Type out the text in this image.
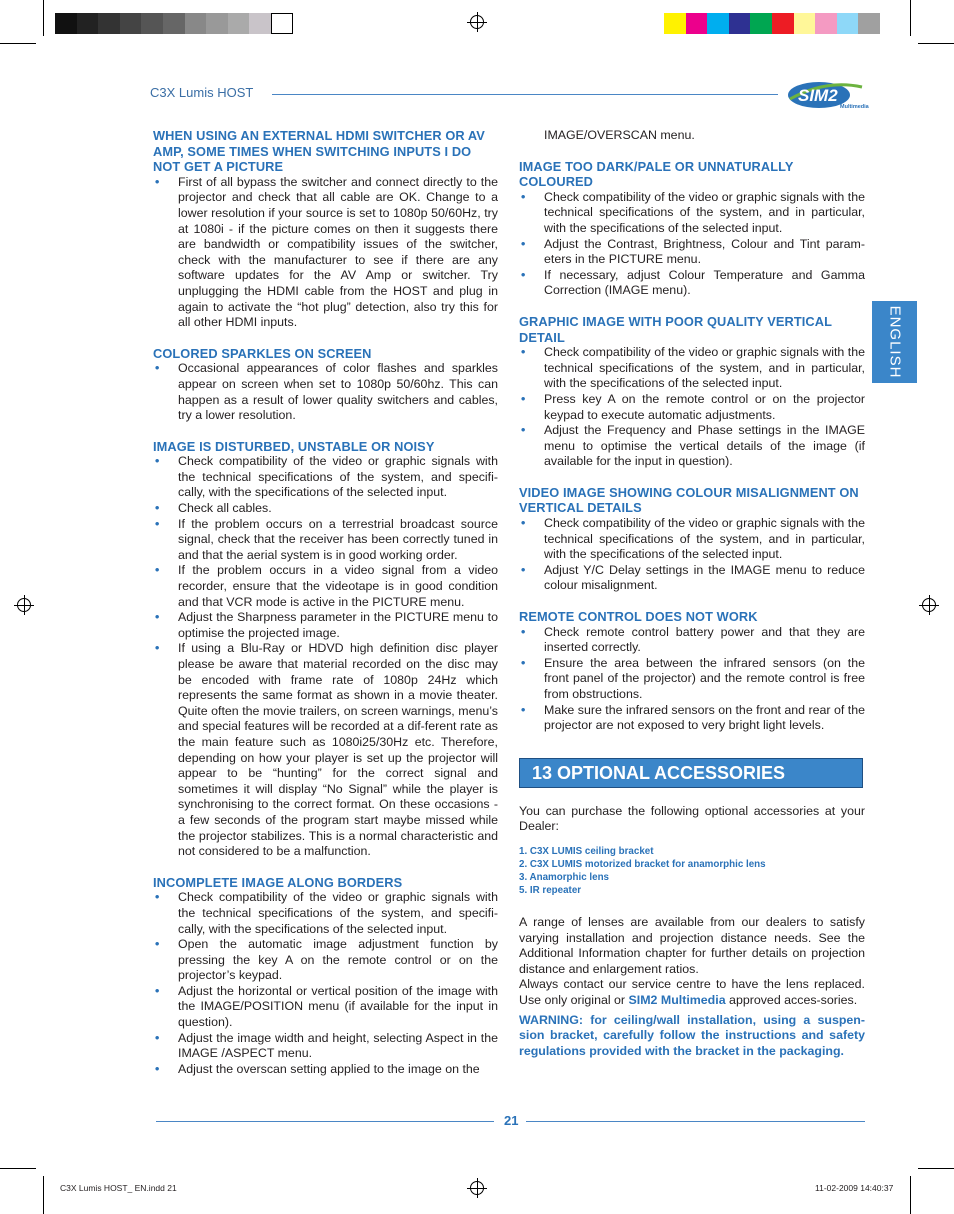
C3X Lumis HOST	SIM2
Multimedia
ENGLISH
WHEN USING AN EXTERNAL HDMI SWITCHER OR AV AMP, SOME TIMES WHEN SWITCHING INPUTS I DO NOT GET A PICTURE
• First of all bypass the switcher and connect directly to the projector and check that all cable are OK. Change to a lower resolution if your source is set to 1080p 50/60Hz, try at 1080i - if the picture comes on then it suggests there are bandwidth or compatibility issues of the switcher, check with the manufacturer to see if there are any software updates for the AV Amp or switcher. Try unplugging the HDMI cable from the HOST and plug in again to activate the “hot plug” detection, also try this for all other HDMI inputs.
COLORED SPARKLES ON SCREEN
• Occasional appearances of color flashes and sparkles appear on screen when set to 1080p 50/60hz. This can happen as a result of lower quality switchers and cables, try a lower resolution.
IMAGE IS DISTURBED, UNSTABLE OR NOISY
• Check compatibility of the video or graphic signals with the technical specifications of the system, and specifi-cally, with the specifications of the selected input.
• Check all cables.
• If the problem occurs on a terrestrial broadcast source signal, check that the receiver has been correctly tuned in and that the aerial system is in good working order.
• If the problem occurs in a video signal from a video recorder, ensure that the videotape is in good condition and that VCR mode is active in the PICTURE menu.
• Adjust the Sharpness parameter in the PICTURE menu to optimise the projected image.
• If using a Blu-Ray or HDVD high definition disc player please be aware that material recorded on the disc may be encoded with frame rate of 1080p 24Hz which represents the same format as shown in a movie theater. Quite often the movie trailers, on screen warnings, menu’s and special features will be recorded at a dif-ferent rate as the main feature such as 1080i25/30Hz etc. Therefore, depending on how your player is set up the projector will appear to be “hunting” for the correct signal and sometimes it will display “No Signal” while the player is synchronising to the correct format. On these occasions - a few seconds of the program start maybe missed while the projector stabilizes. This is a normal characteristic and not considered to be a malfunction.
INCOMPLETE IMAGE ALONG BORDERS
• Check compatibility of the video or graphic signals with the technical specifications of the system, and specifi-cally, with the specifications of the selected input.
• Open the automatic image adjustment function by pressing the key A on the remote control or on the projector’s keypad.
• Adjust the horizontal or vertical position of the image with the IMAGE/POSITION menu (if available for the input in question).
• Adjust the image width and height, selecting Aspect in the IMAGE /ASPECT menu.
• Adjust the overscan setting applied to the image on the
IMAGE/OVERSCAN menu.
IMAGE TOO DARK/PALE OR UNNATURALLY COLOURED
• Check compatibility of the video or graphic signals with the technical specifications of the system, and in particular, with the specifications of the selected input.
• Adjust the Contrast, Brightness, Colour and Tint param-eters in the PICTURE menu.
• If necessary, adjust Colour Temperature and Gamma Correction (IMAGE menu).
GRAPHIC IMAGE WITH POOR QUALITY VERTICAL DETAIL
• Check compatibility of the video or graphic signals with the technical specifications of the system, and in particular, with the specifications of the selected input.
• Press key A on the remote control or on the projector keypad to execute automatic adjustments.
• Adjust the Frequency and Phase settings in the IMAGE menu to optimise the vertical details of the image (if available for the input in question).
VIDEO IMAGE SHOWING COLOUR MISALIGNMENT ON VERTICAL DETAILS
• Check compatibility of the video or graphic signals with the technical specifications of the system, and in particular, with the specifications of the selected input.
• Adjust Y/C Delay settings in the IMAGE menu to reduce colour misalignment.
REMOTE CONTROL DOES NOT WORK
• Check remote control battery power and that they are inserted correctly.
• Ensure the area between the infrared sensors (on the front panel of the projector) and the remote control is free from obstructions.
• Make sure the infrared sensors on the front and rear of the projector are not exposed to very bright light levels.
13 OPTIONAL ACCESSORIES

You can purchase the following optional accessories at your Dealer:

1. C3X LUMIS ceiling bracket
2. C3X LUMIS motorized bracket for anamorphic lens
3. Anamorphic lens
5. IR repeater

A range of lenses are available from our dealers to satisfy varying installation and projection distance needs. See the Additional Information chapter for further details on projection distance and enlargement ratios.

Always contact our service centre to have the lens replaced. Use only original or SIM2 Multimedia approved acces-sories.

WARNING: for ceiling/wall installation, using a suspen-sion bracket, carefully follow the instructions and safety regulations provided with the bracket in the packaging.

21
C3X Lumis HOST_ EN.indd 21	11-02-2009 14:40:37
